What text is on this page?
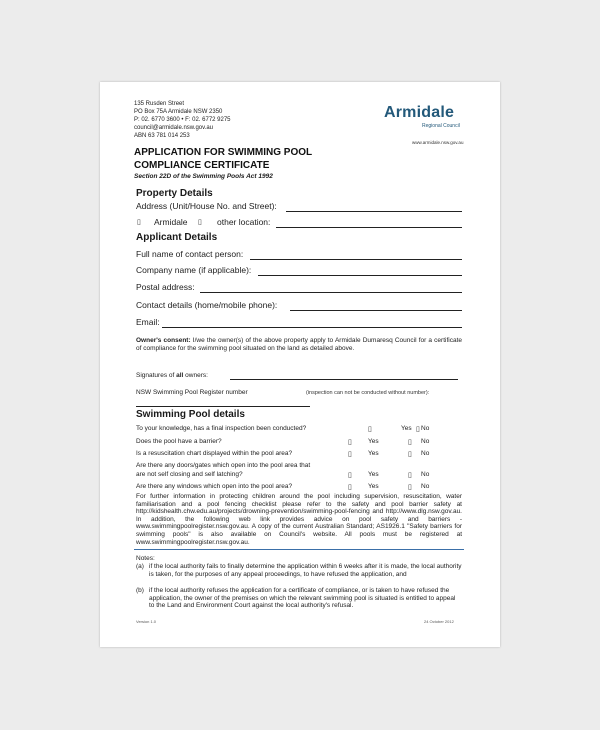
135 Rusden Street
PO Box 75A Armidale NSW 2350
P: 02. 6770 3600 • F: 02. 6772 9275
council@armidale.nsw.gov.au
ABN 63 781 014 253
Armidale
Regional Council
www.armidale.nsw.gov.au
APPLICATION FOR SWIMMING POOL
COMPLIANCE CERTIFICATE
Section 22D of the Swimming Pools Act 1992
Property Details
Address (Unit/House No. and Street):
▯ Armidale ▯ other location:
Applicant Details
Full name of contact person:
Company name (if applicable):
Postal address:
Contact details (home/mobile phone):
Email:
Owner's consent: I/we the owner(s) of the above property apply to Armidale Dumaresq Council for a certificate of compliance for the swimming pool situated on the land as detailed above.
Signatures of all owners:
NSW Swimming Pool Register number	(inspection can not be conducted without number):
Swimming Pool details
To your knowledge, has a final inspection been conducted?	▯	Yes ▯ No
Does the pool have a barrier?	▯ Yes	▯ No
Is a resuscitation chart displayed within the pool area?	▯ Yes	▯ No
Are there any doors/gates which open into the pool area that
are not self closing and self latching?	▯ Yes	▯ No
Are there any windows which open into the pool area?	▯ Yes	▯ No
For further information in protecting children around the pool including supervision, resuscitation, water familiarisation and a pool fencing checklist please refer to the safety and pool barrier safety at http://kidshealth.chw.edu.au/projects/drowning-prevention/swimming-pool-fencing and http://www.dlg.nsw.gov.au. In addition, the following web link provides advice on pool safety and barriers - www.swimmingpoolregister.nsw.gov.au. A copy of the current Australian Standard; AS1926.1 "Safety barriers for swimming pools" is also available on Council's website. All pools must be registered at www.swimmingpoolregister.nsw.gov.au.
Notes:
(a) if the local authority fails to finally determine the application within 6 weeks after it is made, the local authority is taken, for the purposes of any appeal proceedings, to have refused the application, and
(b) if the local authority refuses the application for a certificate of compliance, or is taken to have refused the application, the owner of the premises on which the relevant swimming pool is situated is entitled to appeal to the Land and Environment Court against the local authority's refusal.
Version 1.0	24 October 2012
